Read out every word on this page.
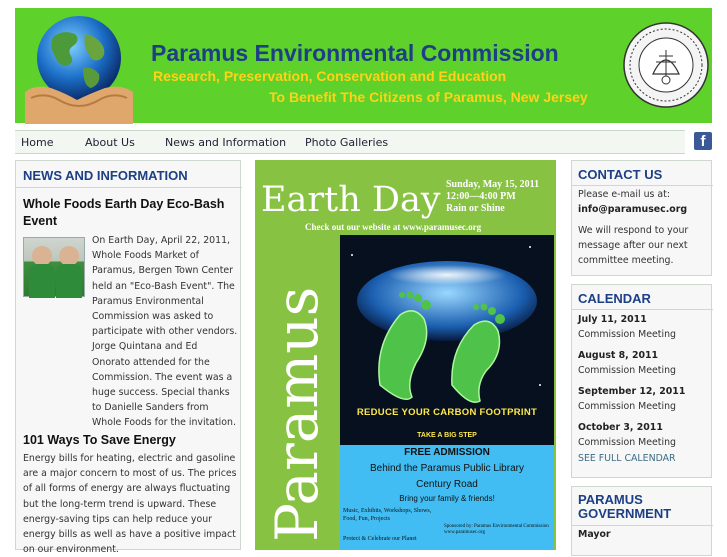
Paramus Environmental Commission
Research, Preservation, Conservation and Education
To Benefit The Citizens of Paramus, New Jersey
Home	About Us	News and Information Photo Galleries	f
NEWS AND INFORMATION
Whole Foods Earth Day Eco-Bash Event
On Earth Day, April 22, 2011, Whole Foods Market of Paramus, Bergen Town Center held an "Eco-Bash Event". The Paramus Environmental Commission was asked to participate with other vendors. Jorge Quintana and Ed Onorato attended for the Commission. The event was a huge success. Special thanks to Danielle Sanders from Whole Foods for the invitation.
101 Ways To Save Energy
Energy bills for heating, electric and gasoline are a major concern to most of us. The prices of all forms of energy are always fluctuating but the long-term trend is upward. These energy-saving tips can help reduce your energy bills as well as have a positive impact on our environment.
Earth Day Sunday, May 15, 2011
12:00—4:00 PM
Rain or Shine
Check out our website at www.paramusec.org
Paramus	REDUCE YOUR CARBON FOOTPRINT
TAKE A BIG STEP
FREE ADMISSION
Behind the Paramus Public Library
Century Road
Bring your family & friends!
Music, Exhibits, Workshops, Shows, Food, Fun, Projects
Sponsored by: Paramus Environmental Commission www.paramusec.org
Protect & Celebrate our Planet
CONTACT US
Please e-mail us at:
info@paramusec.org
We will respond to your message after our next committee meeting.
CALENDAR
July 11, 2011
Commission Meeting
August 8, 2011
Commission Meeting
September 12, 2011
Commission Meeting
October 3, 2011
Commission Meeting
SEE FULL CALENDAR
PARAMUS
GOVERNMENT
Mayor
